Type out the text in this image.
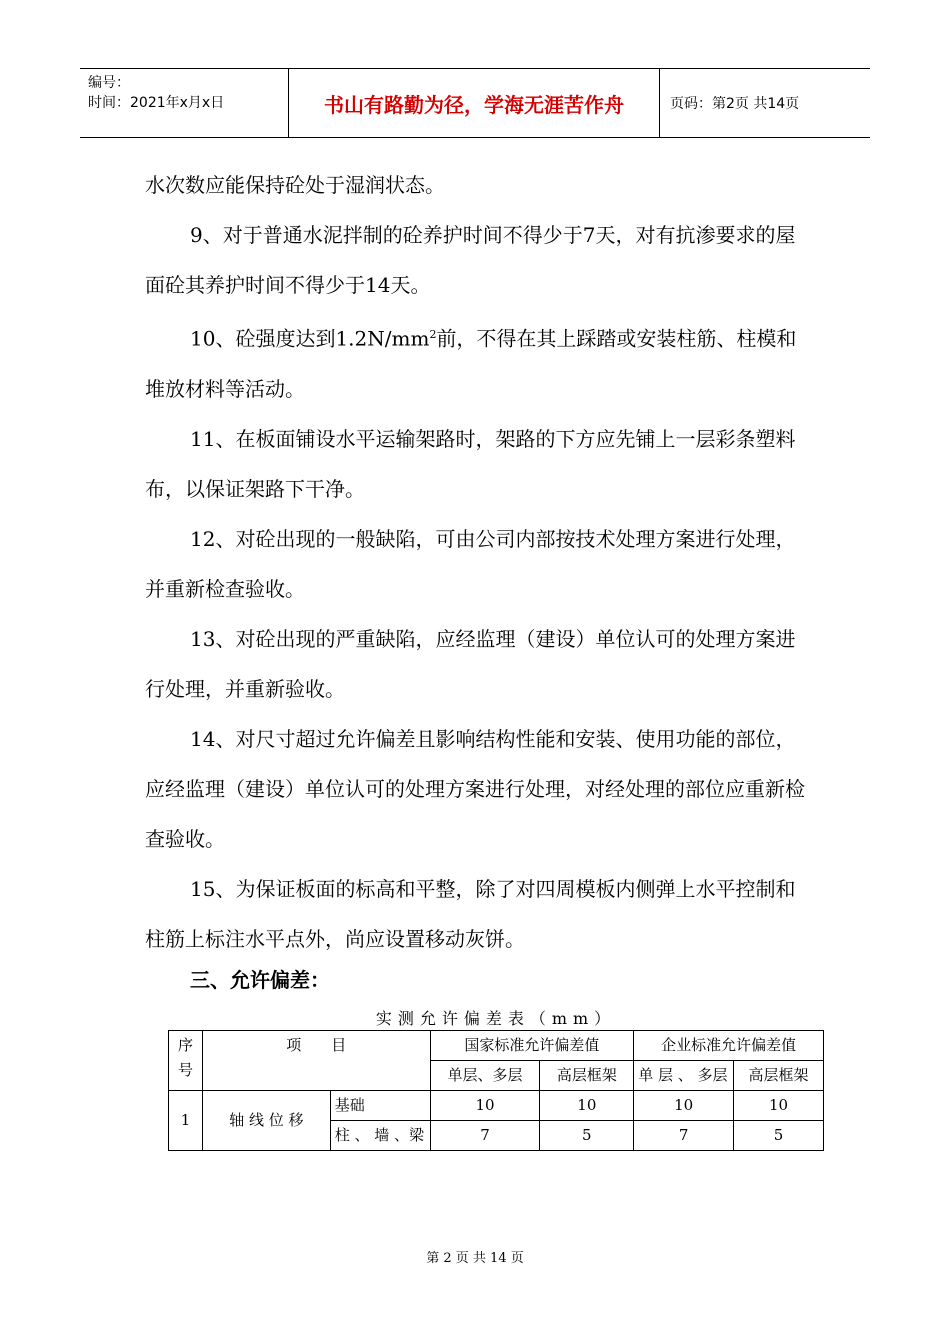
编号：
时间：2021年x月x日	书山有路勤为径，学海无涯苦作舟	页码：第2页 共14页

水次数应能保持砼处于湿润状态。

9、对于普通水泥拌制的砼养护时间不得少于7天，对有抗渗要求的屋面砼其养护时间不得少于14天。

10、砼强度达到$1.2N/mm^2$前，不得在其上踩踏或安装柱筋、柱模和堆放材料等活动。

11、在板面铺设水平运输架路时，架路的下方应先铺上一层彩条塑料布，以保证架路下干净。

12、对砼出现的一般缺陷，可由公司内部按技术处理方案进行处理，并重新检查验收。

13、对砼出现的严重缺陷，应经监理（建设）单位认可的处理方案进行处理，并重新验收。

14、对尺寸超过允许偏差且影响结构性能和安装、使用功能的部位，应经监理（建设）单位认可的处理方案进行处理，对经处理的部位应重新检查验收。

15、为保证板面的标高和平整，除了对四周模板内侧弹上水平控制和柱筋上标注水平点外，尚应设置移动灰饼。

三、允许偏差：
实测允许偏差表（mm）
序号	项　　目		国家标准允许偏差值		企业标准允许偏差值	
			单层、多层	高层框架	单 层 、 多层	高层框架
1	轴 线 位 移	基础	10	10	10	10
		柱 、 墙 、梁	7	5	7	5
第 2 页 共 14 页
